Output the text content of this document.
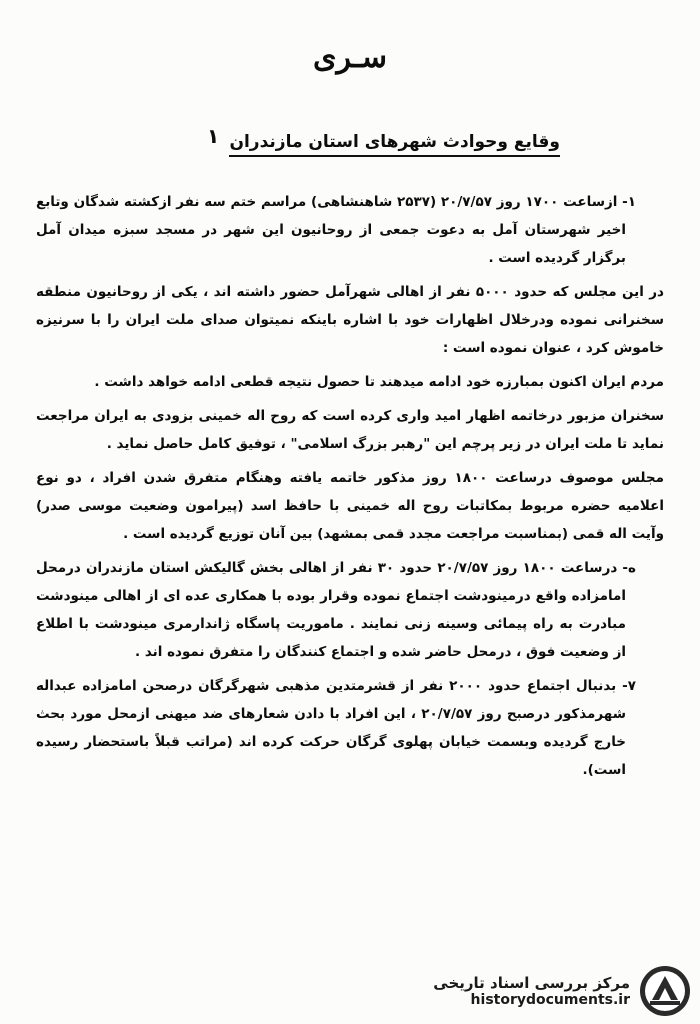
سـرى
۱ وقایع وحوادث شهرهای استان مازندران

۱- ازساعت ۱۷۰۰ روز ۲۰/۷/۵۷ (۲۵۳۷ شاهنشاهی) مراسم ختم سه نفر ازکشته شدگان وتابع اخیر شهرستان آمل به دعوت جمعی از روحانیون این شهر در مسجد سبزه میدان آمل برگزار گردیده است .

در این مجلس که حدود ۵۰۰۰ نفر از اهالی شهرآمل حضور داشته اند ، یکی از روحانیون منطقه سخنرانی نموده ودرخلال اظهارات خود با اشاره باینکه نمیتوان صدای ملت ایران را با سرنیزه خاموش کرد ، عنوان نموده است :

مردم ایران اکنون بمبارزه خود ادامه میدهند تا حصول نتیجه قطعی ادامه خواهد داشت .

سخنران مزبور درخاتمه اظهار امید واری کرده است که روح اله خمینی بزودی به ایران مراجعت نماید تا ملت ایران در زیر پرچم این "رهبر بزرگ اسلامی" ، توفیق کامل حاصل نماید .

مجلس موصوف درساعت ۱۸۰۰ روز مذکور خاتمه یافته وهنگام متفرق شدن افراد ، دو نوع اعلامیه حضره مربوط بمکاتبات روح اله خمینی با حافظ اسد (پیرامون وضعیت موسی صدر) وآیت اله قمی (بمناسبت مراجعت مجدد قمی بمشهد) بین آنان توزیع گردیده است .

ه- درساعت ۱۸۰۰ روز ۲۰/۷/۵۷ حدود ۳۰ نفر از اهالی بخش گالیکش استان مازندران درمحل امامزاده واقع درمینودشت اجتماع نموده وقرار بوده با همکاری عده ای از اهالی مینودشت مبادرت به راه پیمائی وسینه زنی نمایند . ماموریت پاسگاه ژاندارمری مینودشت با اطلاع از وضعیت فوق ، درمحل حاضر شده و اجتماع کنندگان را متفرق نموده اند .

۷- بدنبال اجتماع حدود ۲۰۰۰ نفر از قشرمتدین مذهبی شهرگرگان درصحن امامزاده عبداله شهرمذکور درصبح روز ۲۰/۷/۵۷ ، این افراد با دادن شعارهای ضد میهنی ازمحل مورد بحث خارج گردیده وبسمت خیابان پهلوی گرگان حرکت کرده اند (مراتب قبلاً باستحضار رسیده است).

مرکز بررسی اسناد تاریخی
historydocuments.ir
